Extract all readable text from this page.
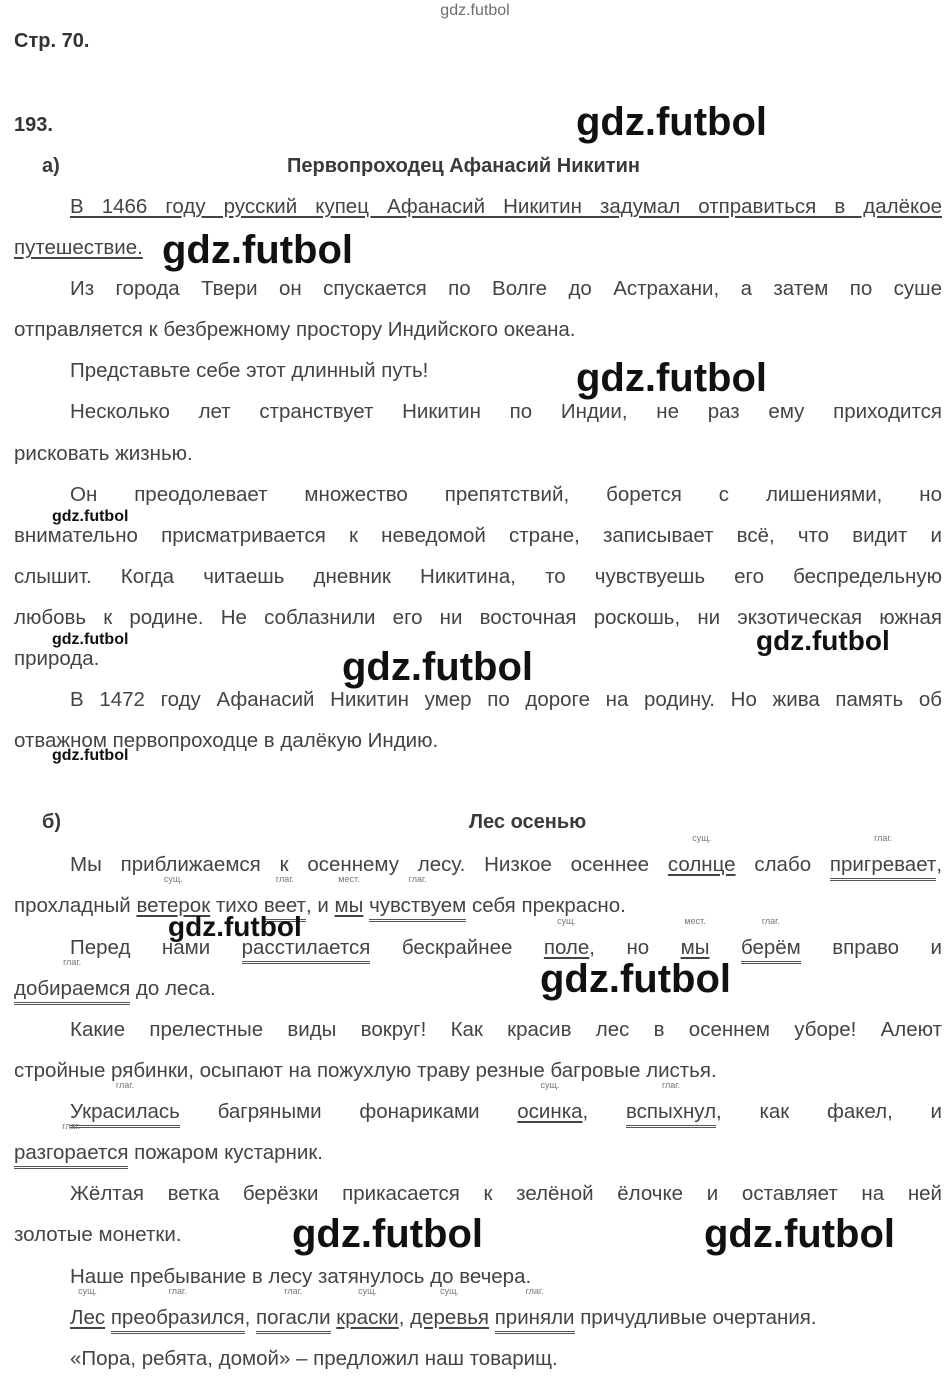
gdz.futbol
Стр. 70.
193.
а)	Первопроходец Афанасий Никитин
В 1466 году русский купец Афанасий Никитин задумал отправиться в далёкое
путешествие.
Из города Твери он спускается по Волге до Астрахани, а затем по суше
отправляется к безбрежному простору Индийского океана.
Представьте себе этот длинный путь!
Несколько лет странствует Никитин по Индии, не раз ему приходится
рисковать жизнью.
Он преодолевает множество препятствий, борется с лишениями, но
внимательно присматривается к неведомой стране, записывает всё, что видит и
слышит. Когда читаешь дневник Никитина, то чувствуешь его беспредельную
любовь к родине. Не соблазнили его ни восточная роскошь, ни экзотическая южная
природа.
В 1472 году Афанасий Никитин умер по дороге на родину. Но жива память об
отважном первопроходце в далёкую Индию.
б)	Лес осенью
Мы приближаемся к осеннему лесу. Низкое осеннее
сущ.
солнце слабо
глаг.
пригревает,
прохладный
сущ.
ветерок тихо
глаг.
веет, и
мест.
мы
глаг.
чувствуем себя прекрасно.
Перед нами расстилается бескрайнее
сущ.
поле, но
мест.
мы
глаг.
берём вправо и
глаг.
добираемся до леса.
Какие прелестные виды вокруг! Как красив лес в осеннем уборе! Алеют
стройные рябинки, осыпают на пожухлую траву резные багровые листья.
глаг.
Украсилась багряными фонариками
сущ.
осинка,
глаг.
вспыхнул, как факел, и
глаг.
разгорается пожаром кустарник.
Жёлтая ветка берёзки прикасается к зелёной ёлочке и оставляет на ней
золотые монетки.
Наше пребывание в лесу затянулось до вечера.
сущ.
Лес
глаг.
преобразился,
глаг.
погасли
сущ.
краски,
сущ.
деревья
глаг.
приняли причудливые очертания.
«Пора, ребята, домой» – предложил наш товарищ.
gdz.futbol
gdz.futbol
gdz.futbol
gdz.futbol
gdz.futbol	gdz.futbol
gdz.futbol
gdz.futbol
gdz.futbol
gdz.futbol
gdz.futbol	gdz.futbol
